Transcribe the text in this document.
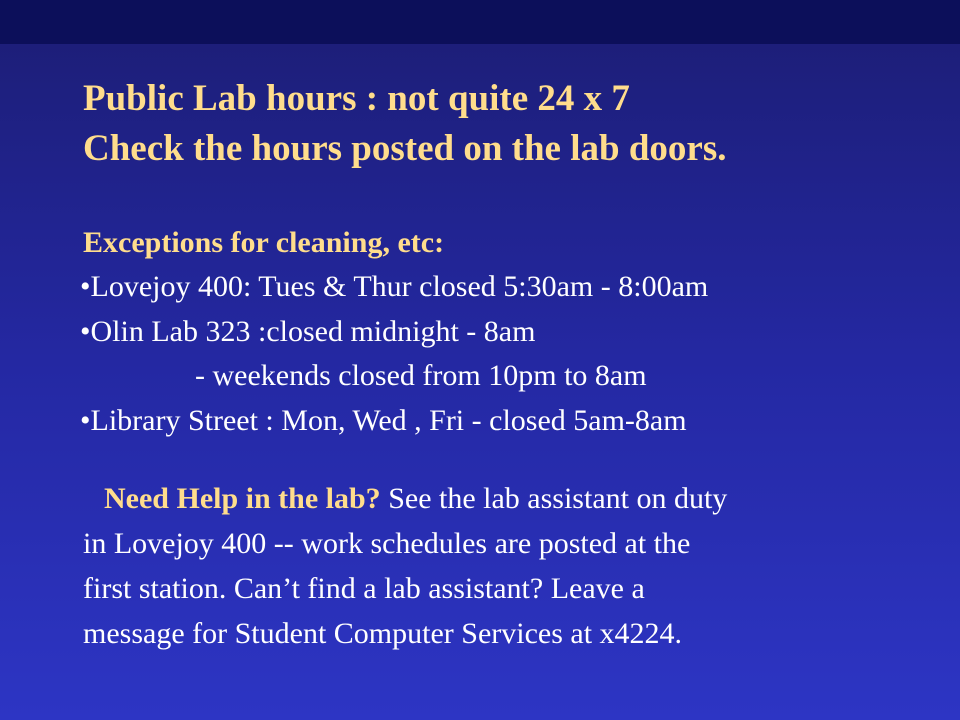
Public Lab hours : not quite 24 x 7
Check the hours posted on the lab doors.
Exceptions for cleaning, etc:
•Lovejoy 400: Tues & Thur closed 5:30am - 8:00am
•Olin Lab 323 :closed midnight - 8am
- weekends closed from 10pm to 8am
•Library Street : Mon, Wed , Fri - closed 5am-8am

Need Help in the lab? See the lab assistant on duty
in Lovejoy 400 -- work schedules are posted at the
first station. Can’t find a lab assistant? Leave a
message for Student Computer Services at x4224.
